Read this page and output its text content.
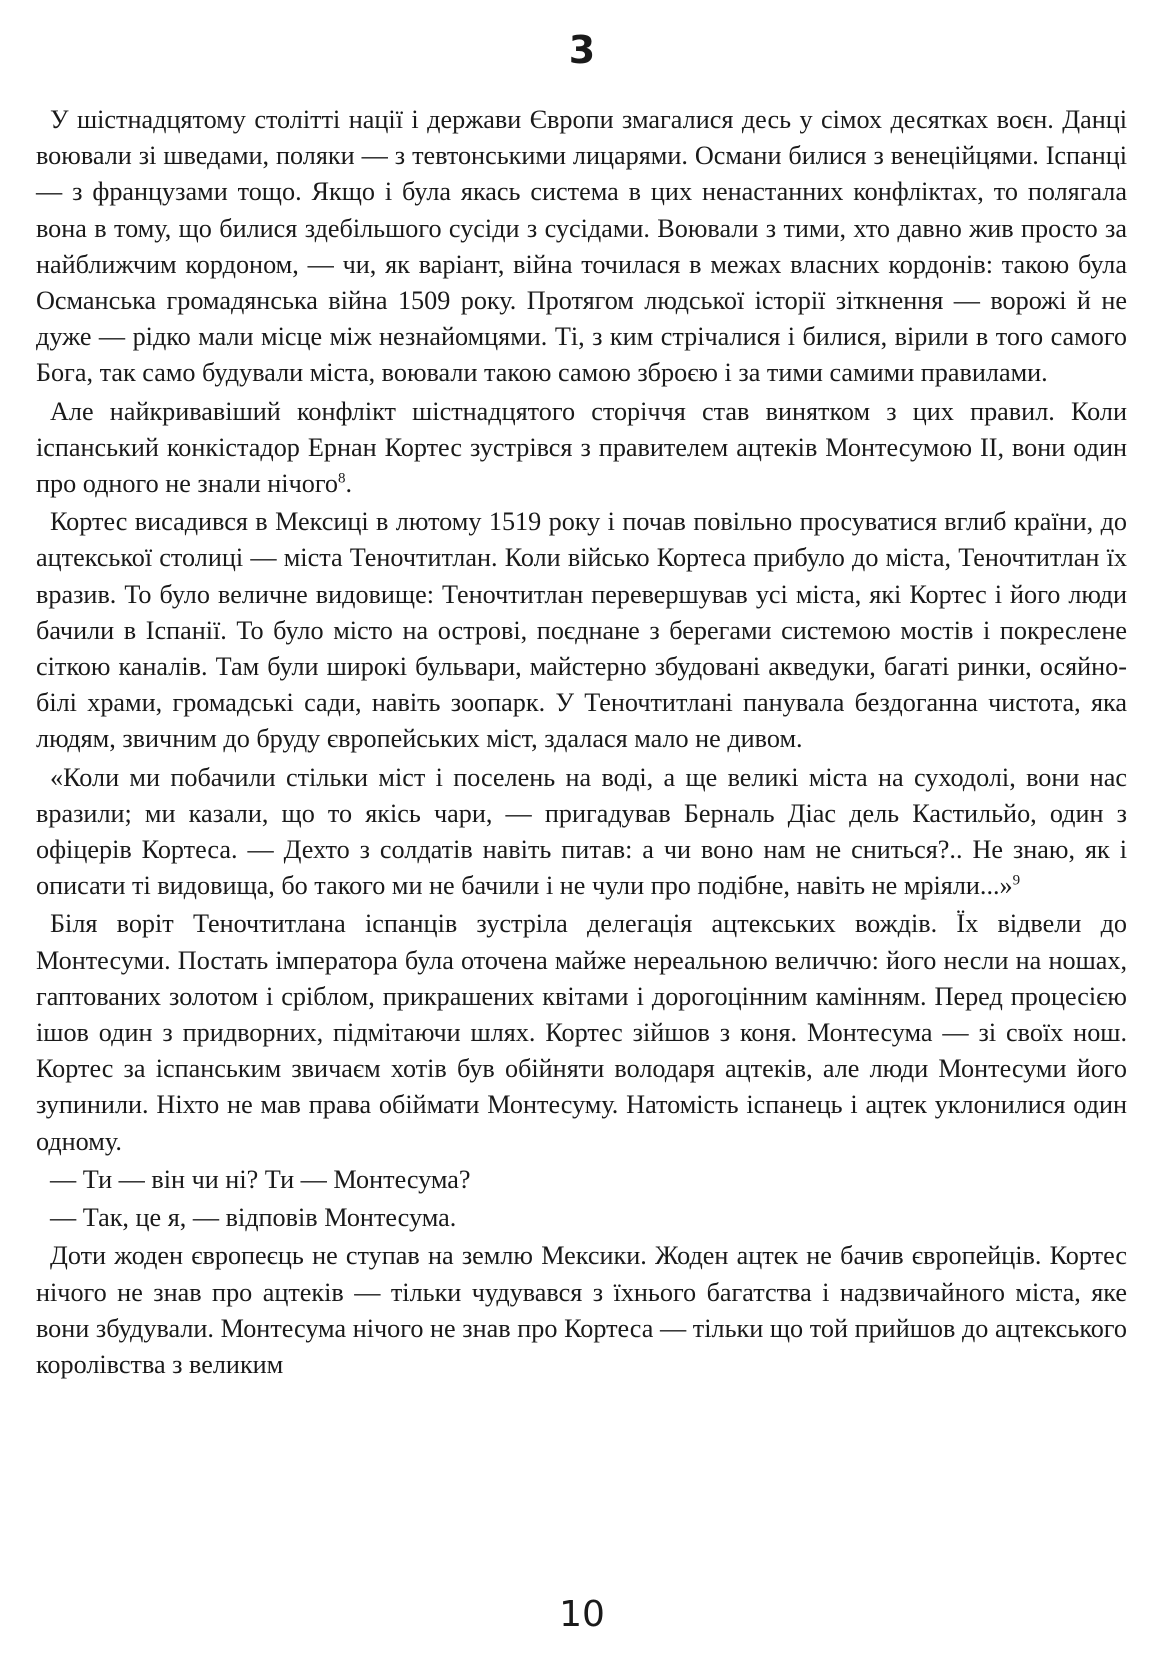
3

У шістнадцятому столітті нації і держави Європи змагалися десь у сімох десятках воєн. Данці воювали зі шведами, поляки — з тевтонськими лицарями. Османи билися з венеційцями. Іспанці — з французами тощо. Якщо і була якась система в цих ненастанних конфліктах, то полягала вона в тому, що билися здебільшого сусіди з сусідами. Воювали з тими, хто давно жив просто за найближчим кордоном, — чи, як варіант, війна точилася в межах власних кордонів: такою була Османська громадянська війна 1509 року. Протягом людської історії зіткнення — ворожі й не дуже — рідко мали місце між незнайомцями. Ті, з ким стрічалися і билися, вірили в того самого Бога, так само будували міста, воювали такою самою зброєю і за тими самими правилами.

Але найкривавіший конфлікт шістнадцятого сторіччя став винятком з цих правил. Коли іспанський конкістадор Ернан Кортес зустрівся з правителем ацтеків Монтесумою II, вони один про одного не знали нічого$^8$.

Кортес висадився в Мексиці в лютому 1519 року і почав повільно просуватися вглиб країни, до ацтекської столиці — міста Теночтитлан. Коли військо Кортеса прибуло до міста, Теночтитлан їх вразив. То було величне видовище: Теночтитлан перевершував усі міста, які Кортес і його люди бачили в Іспанії. То було місто на острові, поєднане з берегами системою мостів і покреслене сіткою каналів. Там були широкі бульвари, майстерно збудовані акведуки, багаті ринки, осяйно-білі храми, громадські сади, навіть зоопарк. У Теночтитлані панувала бездоганна чистота, яка людям, звичним до бруду європейських міст, здалася мало не дивом.

«Коли ми побачили стільки міст і поселень на воді, а ще великі міста на суходолі, вони нас вразили; ми казали, що то якісь чари, — пригадував Берналь Діас дель Кастильйо, один з офіцерів Кортеса. — Дехто з солдатів навіть питав: а чи воно нам не сниться?.. Не знаю, як і описати ті видовища, бо такого ми не бачили і не чули про подібне, навіть не мріяли...»$^9$

Біля воріт Теночтитлана іспанців зустріла делегація ацтекських вождів. Їх відвели до Монтесуми. Постать імператора була оточена майже нереальною величчю: його несли на ношах, гаптованих золотом і сріблом, прикрашених квітами і дорогоцінним камінням. Перед процесією ішов один з придворних, підмітаючи шлях. Кортес зійшов з коня. Монтесума — зі своїх нош. Кортес за іспанським звичаєм хотів був обійняти володаря ацтеків, але люди Монтесуми його зупинили. Ніхто не мав права обіймати Монтесуму. Натомість іспанець і ацтек уклонилися один одному.

— Ти — він чи ні? Ти — Монтесума?

— Так, це я, — відповів Монтесума.

Доти жоден європеєць не ступав на землю Мексики. Жоден ацтек не бачив європейців. Кортес нічого не знав про ацтеків — тільки чудувався з їхнього багатства і надзвичайного міста, яке вони збудували. Монтесума нічого не знав про Кортеса — тільки що той прийшов до ацтекського королівства з великим

10
